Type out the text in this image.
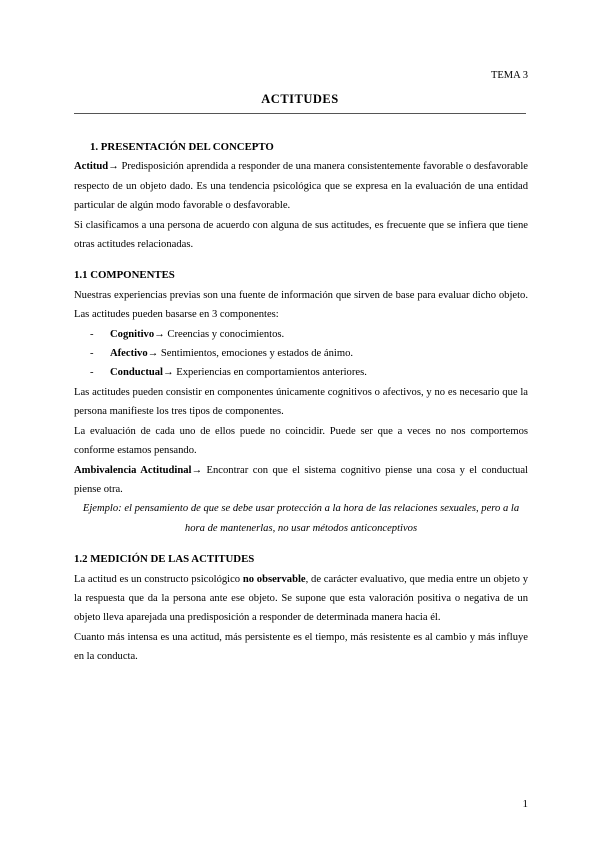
TEMA 3
ACTITUDES
1. PRESENTACIÓN DEL CONCEPTO

Actitud→ Predisposición aprendida a responder de una manera consistentemente favorable o desfavorable respecto de un objeto dado. Es una tendencia psicológica que se expresa en la evaluación de una entidad particular de algún modo favorable o desfavorable.

Si clasificamos a una persona de acuerdo con alguna de sus actitudes, es frecuente que se infiera que tiene otras actitudes relacionadas.

1.1 COMPONENTES

Nuestras experiencias previas son una fuente de información que sirven de base para evaluar dicho objeto. Las actitudes pueden basarse en 3 componentes:

- Cognitivo→ Creencias y conocimientos.
- Afectivo→ Sentimientos, emociones y estados de ánimo.
- Conductual→ Experiencias en comportamientos anteriores.

Las actitudes pueden consistir en componentes únicamente cognitivos o afectivos, y no es necesario que la persona manifieste los tres tipos de componentes.

La evaluación de cada uno de ellos puede no coincidir. Puede ser que a veces no nos comportemos conforme estamos pensando.

Ambivalencia Actitudinal→ Encontrar con que el sistema cognitivo piense una cosa y el conductual piense otra.

Ejemplo: el pensamiento de que se debe usar protección a la hora de las relaciones sexuales, pero a la hora de mantenerlas, no usar métodos anticonceptivos

1.2 MEDICIÓN DE LAS ACTITUDES

La actitud es un constructo psicológico no observable, de carácter evaluativo, que media entre un objeto y la respuesta que da la persona ante ese objeto. Se supone que esta valoración positiva o negativa de un objeto lleva aparejada una predisposición a responder de determinada manera hacia él.

Cuanto más intensa es una actitud, más persistente es el tiempo, más resistente es al cambio y más influye en la conducta.

1
